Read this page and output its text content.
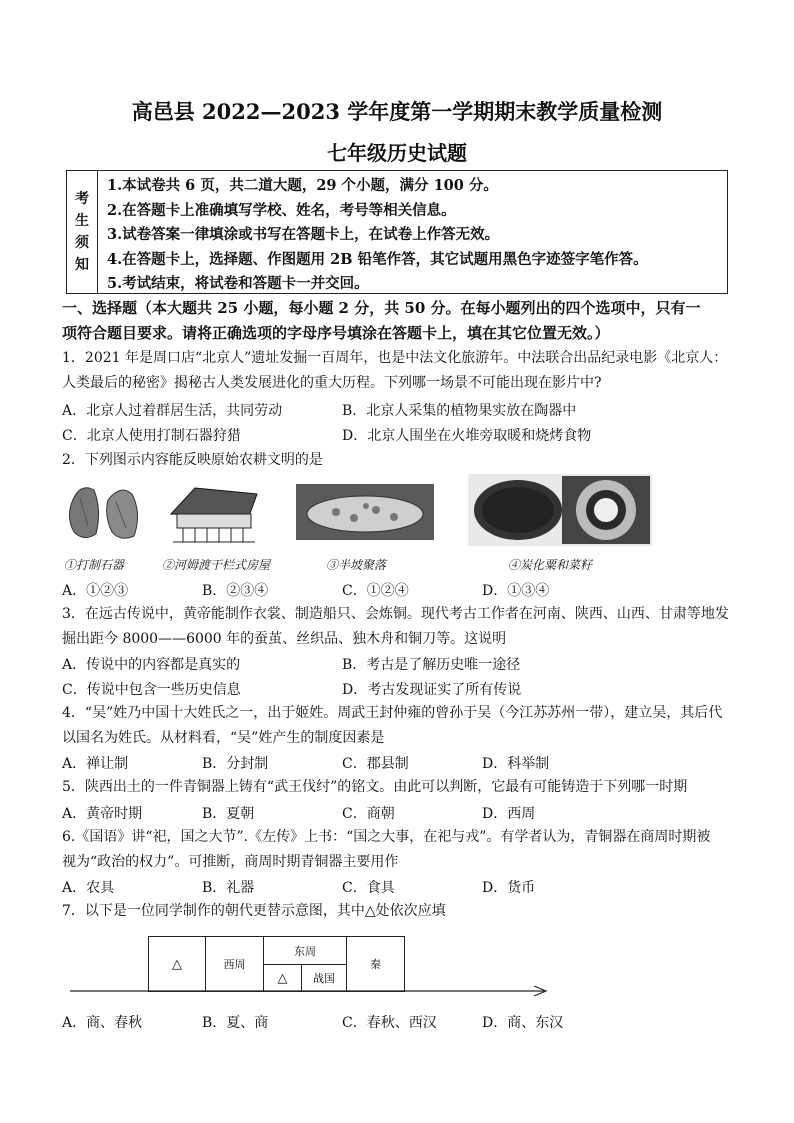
高邑县 2022—2023 学年度第一学期期末教学质量检测
七年级历史试题
考
生
须
知
1.本试卷共 6 页，共二道大题，29 个小题，满分 100 分。
2.在答题卡上准确填写学校、姓名，考号等相关信息。
3.试卷答案一律填涂或书写在答题卡上，在试卷上作答无效。
4.在答题卡上，选择题、作图题用 2B 铅笔作答，其它试题用黑色字迹签字笔作答。
5.考试结束，将试卷和答题卡一并交回。
一、选择题（本大题共 25 小题，每小题 2 分，共 50 分。在每小题列出的四个选项中，只有一
项符合题目要求。请将正确选项的字母序号填涂在答题卡上，填在其它位置无效。）
1．2021 年是周口店“北京人”遗址发掘一百周年，也是中法文化旅游年。中法联合出品纪录电影《北京人：
人类最后的秘密》揭秘古人类发展进化的重大历程。下列哪一场景不可能出现在影片中?
A．北京人过着群居生活，共同劳动	B．北京人采集的植物果实放在陶器中
C．北京人使用打制石器狩猎	D．北京人围坐在火堆旁取暖和烧烤食物
2．下列图示内容能反映原始农耕文明的是
①打制石器	②河姆渡干栏式房屋	③半坡聚落	④炭化粟和菜籽
A．①②③	B．②③④	C．①②④	D．①③④
3．在远古传说中，黄帝能制作衣裳、制造船只、会炼铜。现代考古工作者在河南、陕西、山西、甘肃等地发
掘出距今 8000——6000 年的蚕茧、丝织品、独木舟和铜刀等。这说明
A．传说中的内容都是真实的	B．考古是了解历史唯一途径
C．传说中包含一些历史信息	D．考古发现证实了所有传说
4．“吴”姓乃中国十大姓氏之一，出于姬姓。周武王封仲雍的曾孙于吴（今江苏苏州一带），建立吴，其后代
以国名为姓氏。从材料看，“吴”姓产生的制度因素是
A．禅让制	B．分封制	C．郡县制	D．科举制
5．陕西出土的一件青铜器上铸有“武王伐纣”的铭文。由此可以判断，它最有可能铸造于下列哪一时期
A．黄帝时期	B．夏朝	C．商朝	D．西周
6.《国语》讲“祀，国之大节”.《左传》上书：“国之大事，在祀与戎”。有学者认为，青铜器在商周时期被
视为“政治的权力”。可推断，商周时期青铜器主要用作
A．农具	B．礼器	C．食具	D．货币
7．以下是一位同学制作的朝代更替示意图，其中△处依次应填
△	西周
东周
△	战国
秦
A．商、春秋	B．夏、商	C．春秋、西汉	D．商、东汉
